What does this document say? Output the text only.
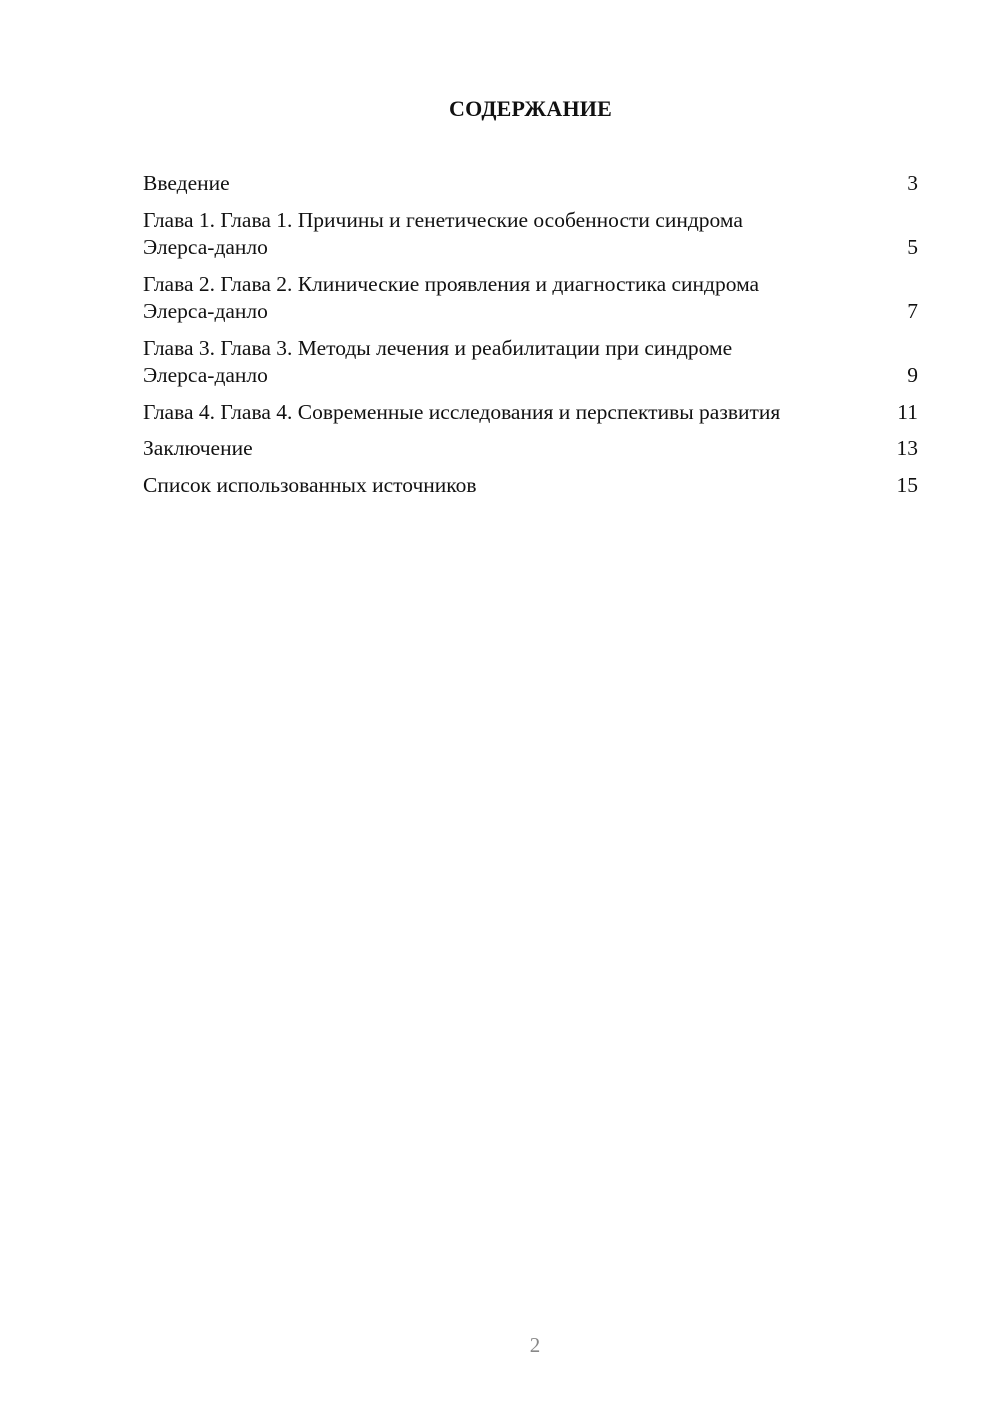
СОДЕРЖАНИЕ
Введение	3
Глава 1. Глава 1. Причины и генетические особенности синдрома Элерса-данло	5
Глава 2. Глава 2. Клинические проявления и диагностика синдрома Элерса-данло	7
Глава 3. Глава 3. Методы лечения и реабилитации при синдроме Элерса-данло	9
Глава 4. Глава 4. Современные исследования и перспективы развития	11
Заключение	13
Список использованных источников	15
2
